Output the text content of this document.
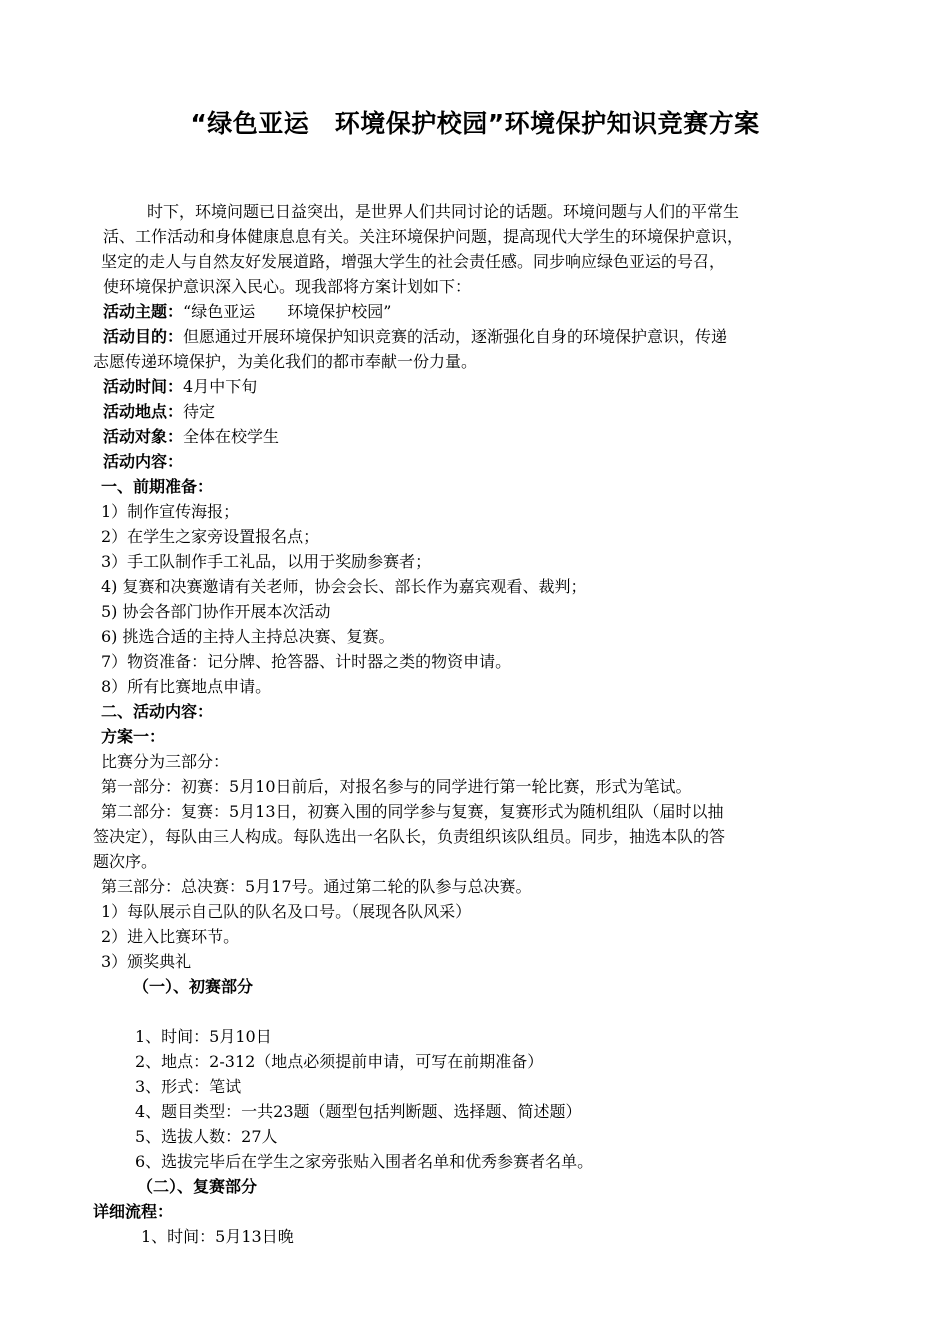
“绿色亚运　环境保护校园”环境保护知识竞赛方案
时下，环境问题已日益突出，是世界人们共同讨论的话题。环境问题与人们的平常生
活、工作活动和身体健康息息有关。关注环境保护问题，提高现代大学生的环境保护意识，
坚定的走人与自然友好发展道路，增强大学生的社会责任感。同步响应绿色亚运的号召，
使环境保护意识深入民心。现我部将方案计划如下：
活动主题：“绿色亚运　　环境保护校园”
活动目的：但愿通过开展环境保护知识竞赛的活动，逐渐强化自身的环境保护意识，传递
志愿传递环境保护，为美化我们的都市奉献一份力量。
活动时间：4月中下旬
活动地点：待定
活动对象：全体在校学生
活动内容：
一、前期准备：
1）制作宣传海报；
2）在学生之家旁设置报名点；
3）手工队制作手工礼品，以用于奖励参赛者；
4) 复赛和决赛邀请有关老师，协会会长、部长作为嘉宾观看、裁判；
5) 协会各部门协作开展本次活动
6) 挑选合适的主持人主持总决赛、复赛。
7）物资准备：记分牌、抢答器、计时器之类的物资申请。
8）所有比赛地点申请。
二、活动内容：
方案一：
比赛分为三部分：
第一部分：初赛：5月10日前后，对报名参与的同学进行第一轮比赛，形式为笔试。
第二部分：复赛：5月13日，初赛入围的同学参与复赛，复赛形式为随机组队（届时以抽
签决定），每队由三人构成。每队选出一名队长，负责组织该队组员。同步，抽选本队的答
题次序。
第三部分：总决赛：5月17号。通过第二轮的队参与总决赛。
1）每队展示自己队的队名及口号。（展现各队风采）
2）进入比赛环节。
3）颁奖典礼
（一）、初赛部分
1、时间：5月10日
2、地点：2-312（地点必须提前申请，可写在前期准备）
3、形式：笔试
4、题目类型：一共23题（题型包括判断题、选择题、简述题）
5、选拔人数：27人
6、选拔完毕后在学生之家旁张贴入围者名单和优秀参赛者名单。
（二）、复赛部分
详细流程：
1、时间：5月13日晚
